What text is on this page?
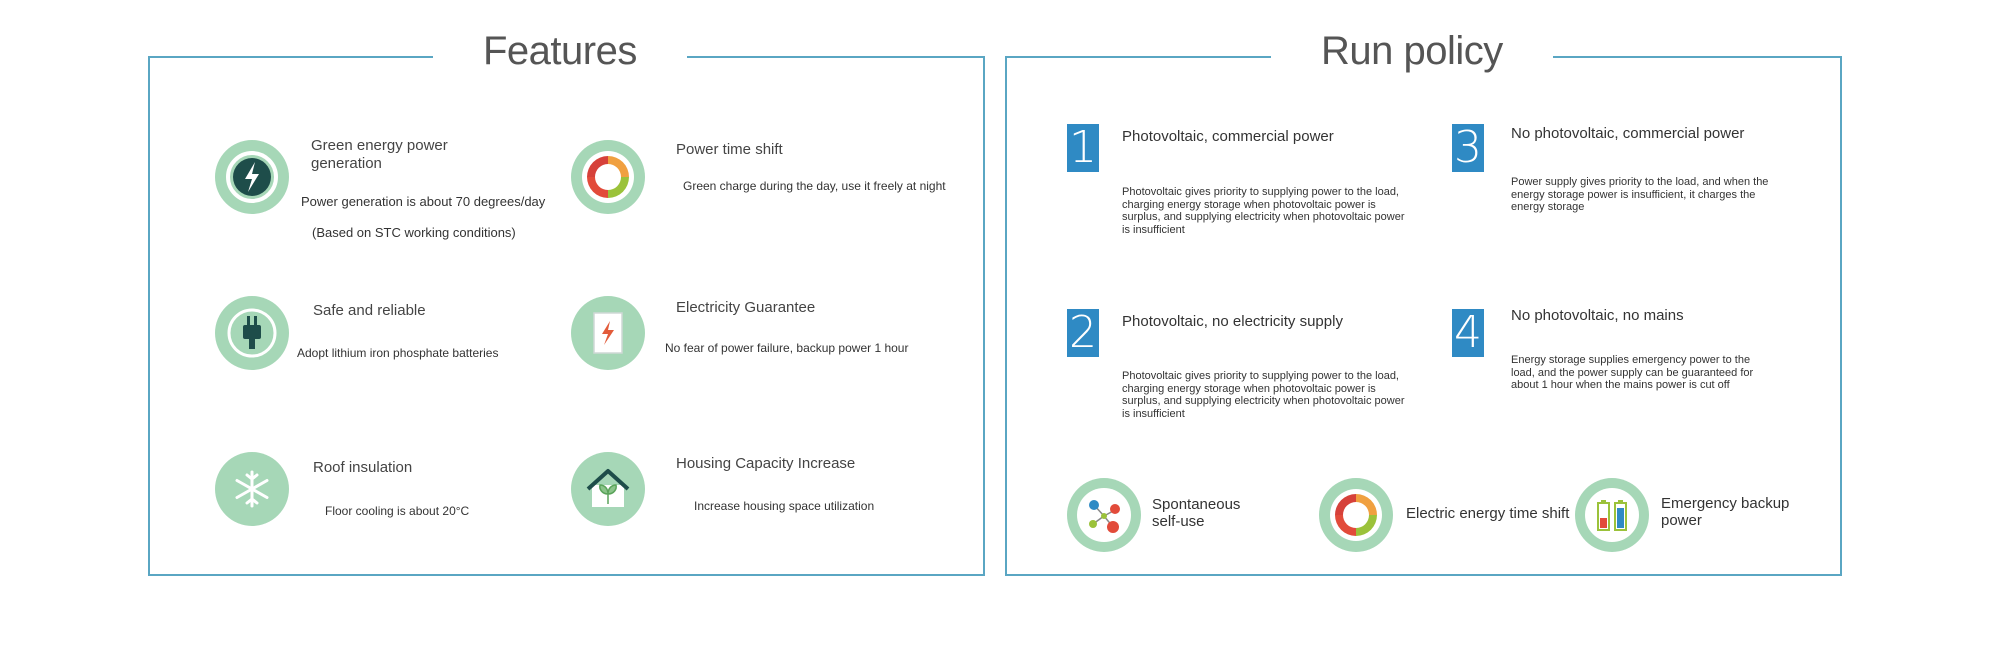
Features	Run policy
Green energy power
generation
Power generation is about 70 degrees/day
(Based on STC working conditions)
Power time shift
Green charge during the day, use it freely at night
Safe and reliable
Adopt lithium iron phosphate batteries
Electricity Guarantee
No fear of power failure, backup power 1 hour
Roof insulation
Floor cooling is about 20°C
Housing Capacity Increase
Increase housing space utilization
1 Photovoltaic, commercial power
Photovoltaic gives priority to supplying power to the load, charging energy storage when photovoltaic power is surplus, and supplying electricity when photovoltaic power is insufficient
3 No photovoltaic, commercial power
Power supply gives priority to the load, and when the energy storage power is insufficient, it charges the energy storage
2 Photovoltaic, no electricity supply
Photovoltaic gives priority to supplying power to the load, charging energy storage when photovoltaic power is surplus, and supplying electricity when photovoltaic power is insufficient
4 No photovoltaic, no mains
Energy storage supplies emergency power to the load, and the power supply can be guaranteed for about 1 hour when the mains power is cut off
Spontaneous
self-use	Electric energy time shift
Emergency backup
power
